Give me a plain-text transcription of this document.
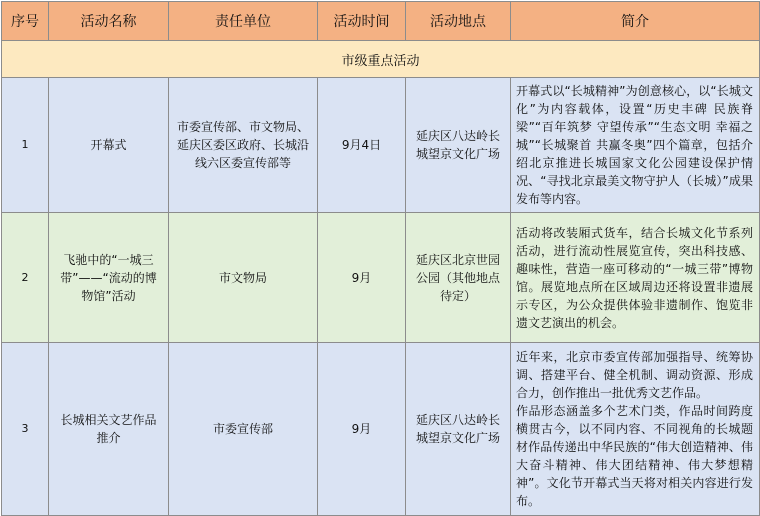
序号	活动名称	责任单位	活动时间	活动地点	简介
市级重点活动					
1	开幕式	市委宣传部、市文物局、延庆区委区政府、长城沿线六区委宣传部等	9月4日	延庆区八达岭长城望京文化广场	开幕式以“长城精神”为创意核心，以“长城文化”为内容载体，设置“历史丰碑 民族脊梁”“百年筑梦 守望传承”“生态文明 幸福之城”“长城聚首 共赢冬奥”四个篇章，包括介绍北京推进长城国家文化公园建设保护情况、“寻找北京最美文物守护人（长城）”成果发布等内容。
2	飞驰中的“一城三带”——“流动的博物馆”活动	市文物局	9月	延庆区北京世园公园（其他地点待定）	活动将改装厢式货车，结合长城文化节系列活动，进行流动性展览宣传，突出科技感、趣味性，营造一座可移动的“一城三带”博物馆。展览地点所在区域周边还将设置非遗展示专区，为公众提供体验非遗制作、饱览非遗文艺演出的机会。
3	长城相关文艺作品推介	市委宣传部	9月	延庆区八达岭长城望京文化广场	近年来，北京市委宣传部加强指导、统筹协调、搭建平台、健全机制、调动资源、形成合力，创作推出一批优秀文艺作品。
作品形态涵盖多个艺术门类，作品时间跨度横贯古今，以不同内容、不同视角的长城题材作品传递出中华民族的“伟大创造精神、伟大奋斗精神、伟大团结精神、伟大梦想精神”。文化节开幕式当天将对相关内容进行发布。
